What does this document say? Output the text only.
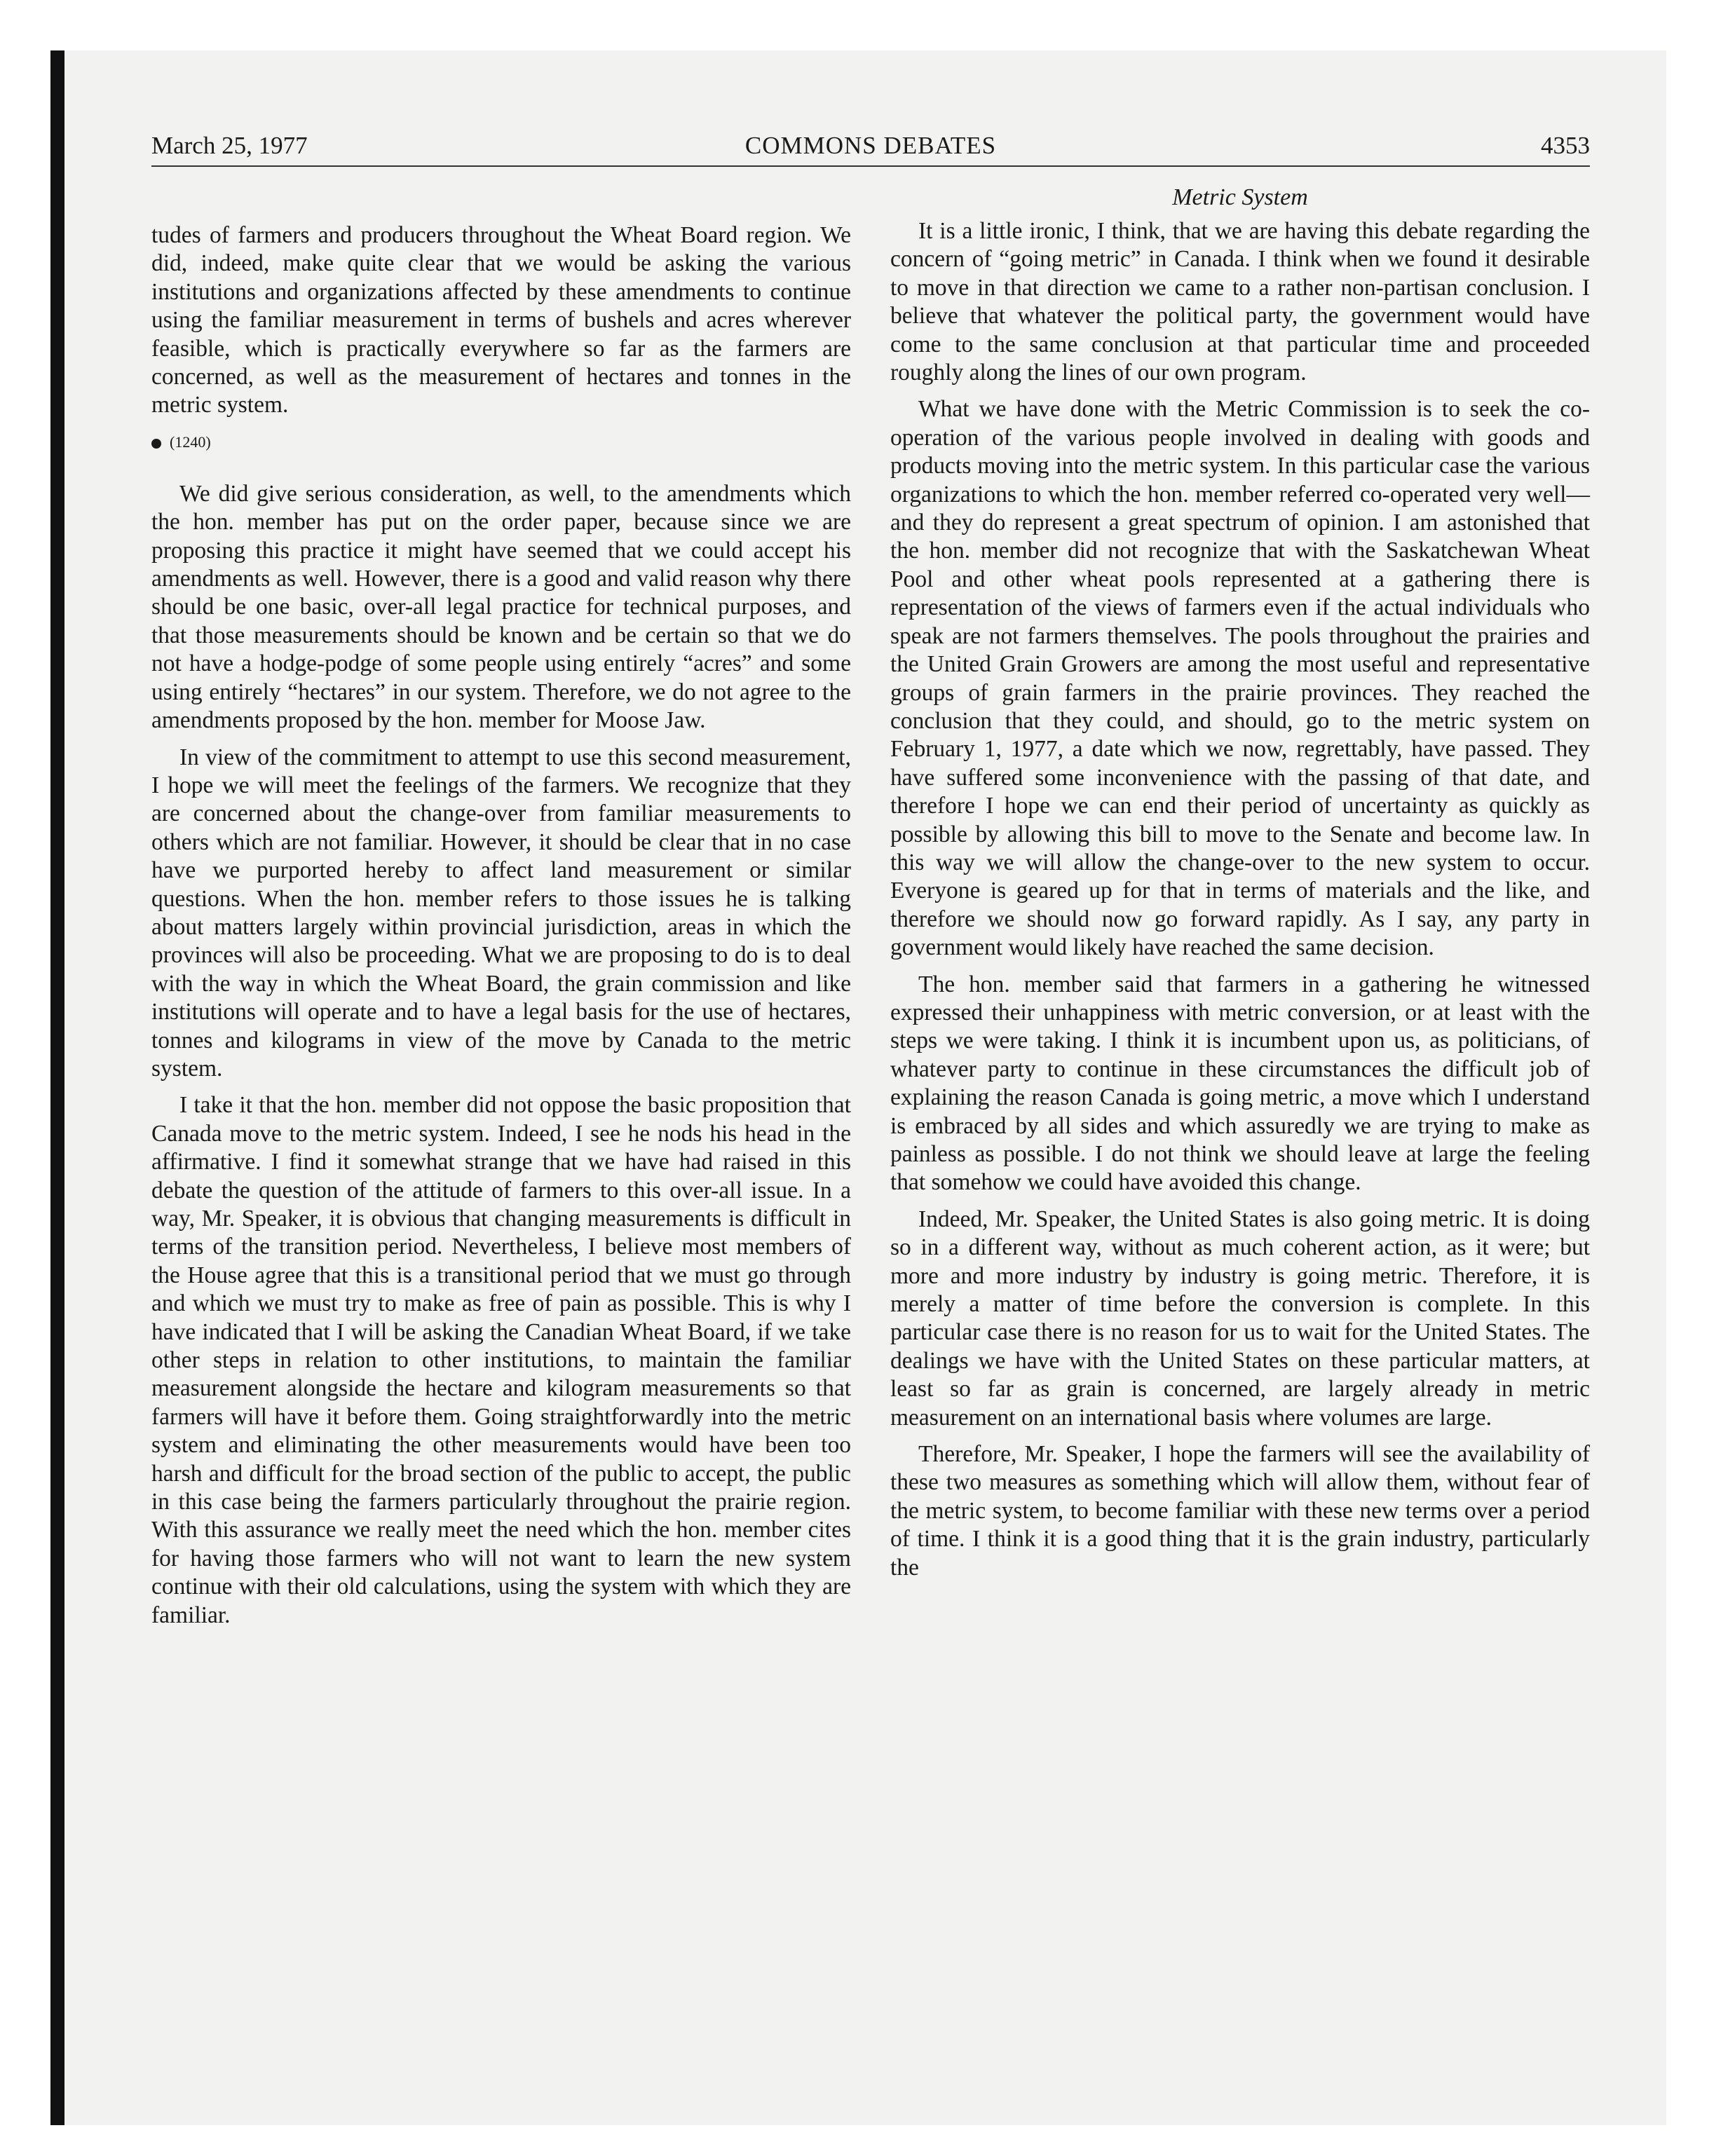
March 25, 1977	COMMONS DEBATES	4353

tudes of farmers and producers throughout the Wheat Board region. We did, indeed, make quite clear that we would be asking the various institutions and organizations affected by these amendments to continue using the familiar measurement in terms of bushels and acres wherever feasible, which is practically everywhere so far as the farmers are concerned, as well as the measurement of hectares and tonnes in the metric system.

(1240)

We did give serious consideration, as well, to the amendments which the hon. member has put on the order paper, because since we are proposing this practice it might have seemed that we could accept his amendments as well. However, there is a good and valid reason why there should be one basic, over-all legal practice for technical purposes, and that those measurements should be known and be certain so that we do not have a hodge-podge of some people using entirely “acres” and some using entirely “hectares” in our system. Therefore, we do not agree to the amendments proposed by the hon. member for Moose Jaw.

In view of the commitment to attempt to use this second measurement, I hope we will meet the feelings of the farmers. We recognize that they are concerned about the change-over from familiar measurements to others which are not familiar. However, it should be clear that in no case have we purported hereby to affect land measurement or similar questions. When the hon. member refers to those issues he is talking about matters largely within provincial jurisdiction, areas in which the provinces will also be proceeding. What we are proposing to do is to deal with the way in which the Wheat Board, the grain commission and like institutions will operate and to have a legal basis for the use of hectares, tonnes and kilograms in view of the move by Canada to the metric system.

I take it that the hon. member did not oppose the basic proposition that Canada move to the metric system. Indeed, I see he nods his head in the affirmative. I find it somewhat strange that we have had raised in this debate the question of the attitude of farmers to this over-all issue. In a way, Mr. Speaker, it is obvious that changing measurements is difficult in terms of the transition period. Nevertheless, I believe most members of the House agree that this is a transitional period that we must go through and which we must try to make as free of pain as possible. This is why I have indicated that I will be asking the Canadian Wheat Board, if we take other steps in relation to other institutions, to maintain the familiar measurement alongside the hectare and kilogram measurements so that farmers will have it before them. Going straightforwardly into the metric system and eliminating the other measurements would have been too harsh and difficult for the broad section of the public to accept, the public in this case being the farmers particularly throughout the prairie region. With this assurance we really meet the need which the hon. member cites for having those farmers who will not want to learn the new system continue with their old calculations, using the system with which they are familiar.

Metric System

It is a little ironic, I think, that we are having this debate regarding the concern of “going metric” in Canada. I think when we found it desirable to move in that direction we came to a rather non-partisan conclusion. I believe that whatever the political party, the government would have come to the same conclusion at that particular time and proceeded roughly along the lines of our own program.

What we have done with the Metric Commission is to seek the co-operation of the various people involved in dealing with goods and products moving into the metric system. In this particular case the various organizations to which the hon. member referred co-operated very well—and they do represent a great spectrum of opinion. I am astonished that the hon. member did not recognize that with the Saskatchewan Wheat Pool and other wheat pools represented at a gathering there is representation of the views of farmers even if the actual individuals who speak are not farmers themselves. The pools throughout the prairies and the United Grain Growers are among the most useful and representative groups of grain farmers in the prairie provinces. They reached the conclusion that they could, and should, go to the metric system on February 1, 1977, a date which we now, regrettably, have passed. They have suffered some inconvenience with the passing of that date, and therefore I hope we can end their period of uncertainty as quickly as possible by allowing this bill to move to the Senate and become law. In this way we will allow the change-over to the new system to occur. Everyone is geared up for that in terms of materials and the like, and therefore we should now go forward rapidly. As I say, any party in government would likely have reached the same decision.

The hon. member said that farmers in a gathering he witnessed expressed their unhappiness with metric conversion, or at least with the steps we were taking. I think it is incumbent upon us, as politicians, of whatever party to continue in these circumstances the difficult job of explaining the reason Canada is going metric, a move which I understand is embraced by all sides and which assuredly we are trying to make as painless as possible. I do not think we should leave at large the feeling that somehow we could have avoided this change.

Indeed, Mr. Speaker, the United States is also going metric. It is doing so in a different way, without as much coherent action, as it were; but more and more industry by industry is going metric. Therefore, it is merely a matter of time before the conversion is complete. In this particular case there is no reason for us to wait for the United States. The dealings we have with the United States on these particular matters, at least so far as grain is concerned, are largely already in metric measurement on an international basis where volumes are large.

Therefore, Mr. Speaker, I hope the farmers will see the availability of these two measures as something which will allow them, without fear of the metric system, to become familiar with these new terms over a period of time. I think it is a good thing that it is the grain industry, particularly the
